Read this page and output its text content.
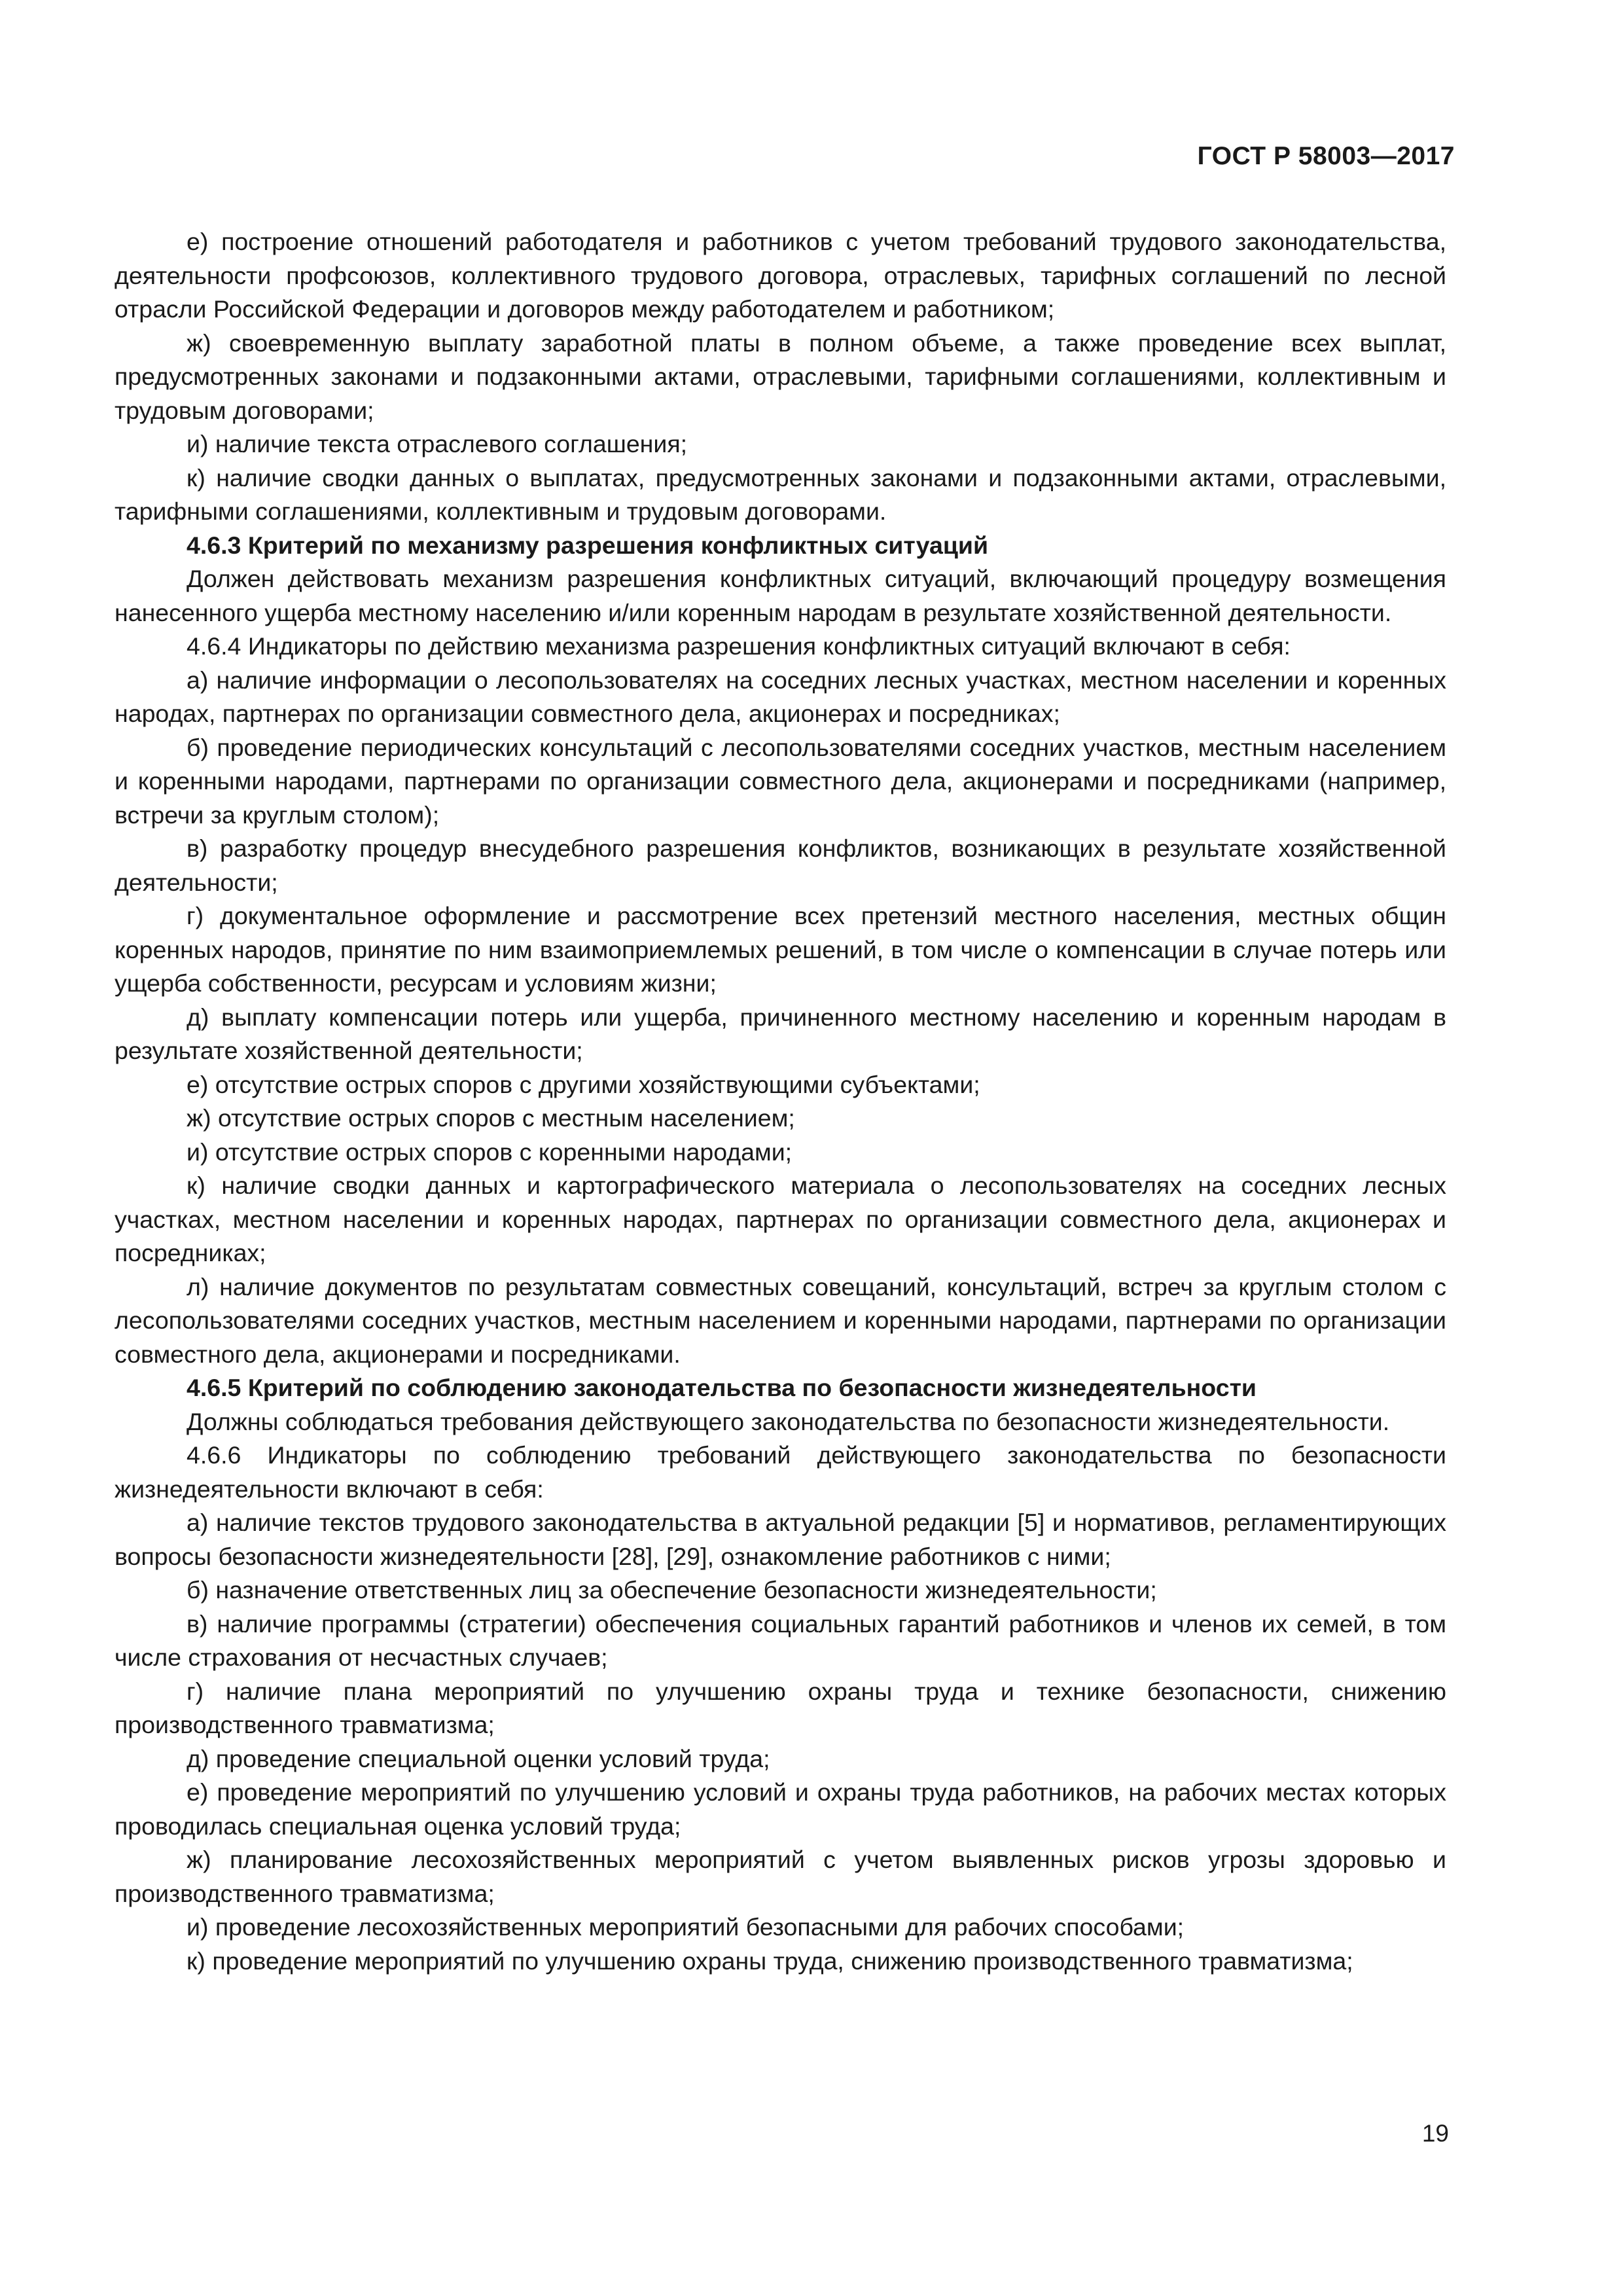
ГОСТ Р 58003—2017

е) построение отношений работодателя и работников с учетом требований трудового законодательства, деятельности профсоюзов, коллективного трудового договора, отраслевых, тарифных соглашений по лесной отрасли Российской Федерации и договоров между работодателем и работником;

ж) своевременную выплату заработной платы в полном объеме, а также проведение всех выплат, предусмотренных законами и подзаконными актами, отраслевыми, тарифными соглашениями, коллективным и трудовым договорами;

и) наличие текста отраслевого соглашения;

к) наличие сводки данных о выплатах, предусмотренных законами и подзаконными актами, отраслевыми, тарифными соглашениями, коллективным и трудовым договорами.

4.6.3 Критерий по механизму разрешения конфликтных ситуаций

Должен действовать механизм разрешения конфликтных ситуаций, включающий процедуру возмещения нанесенного ущерба местному населению и/или коренным народам в результате хозяйственной деятельности.

4.6.4 Индикаторы по действию механизма разрешения конфликтных ситуаций включают в себя:

а) наличие информации о лесопользователях на соседних лесных участках, местном населении и коренных народах, партнерах по организации совместного дела, акционерах и посредниках;

б) проведение периодических консультаций с лесопользователями соседних участков, местным населением и коренными народами, партнерами по организации совместного дела, акционерами и посредниками (например, встречи за круглым столом);

в) разработку процедур внесудебного разрешения конфликтов, возникающих в результате хозяйственной деятельности;

г) документальное оформление и рассмотрение всех претензий местного населения, местных общин коренных народов, принятие по ним взаимоприемлемых решений, в том числе о компенсации в случае потерь или ущерба собственности, ресурсам и условиям жизни;

д) выплату компенсации потерь или ущерба, причиненного местному населению и коренным народам в результате хозяйственной деятельности;

е) отсутствие острых споров с другими хозяйствующими субъектами;

ж) отсутствие острых споров с местным населением;

и) отсутствие острых споров с коренными народами;

к) наличие сводки данных и картографического материала о лесопользователях на соседних лесных участках, местном населении и коренных народах, партнерах по организации совместного дела, акционерах и посредниках;

л) наличие документов по результатам совместных совещаний, консультаций, встреч за круглым столом с лесопользователями соседних участков, местным населением и коренными народами, партнерами по организации совместного дела, акционерами и посредниками.

4.6.5 Критерий по соблюдению законодательства по безопасности жизнедеятельности

Должны соблюдаться требования действующего законодательства по безопасности жизнедеятельности.

4.6.6 Индикаторы по соблюдению требований действующего законодательства по безопасности жизнедеятельности включают в себя:

а) наличие текстов трудового законодательства в актуальной редакции [5] и нормативов, регламентирующих вопросы безопасности жизнедеятельности [28], [29], ознакомление работников с ними;

б) назначение ответственных лиц за обеспечение безопасности жизнедеятельности;

в) наличие программы (стратегии) обеспечения социальных гарантий работников и членов их семей, в том числе страхования от несчастных случаев;

г) наличие плана мероприятий по улучшению охраны труда и технике безопасности, снижению производственного травматизма;

д) проведение специальной оценки условий труда;

е) проведение мероприятий по улучшению условий и охраны труда работников, на рабочих местах которых проводилась специальная оценка условий труда;

ж) планирование лесохозяйственных мероприятий с учетом выявленных рисков угрозы здоровью и производственного травматизма;

и) проведение лесохозяйственных мероприятий безопасными для рабочих способами;

к) проведение мероприятий по улучшению охраны труда, снижению производственного травматизма;

19
